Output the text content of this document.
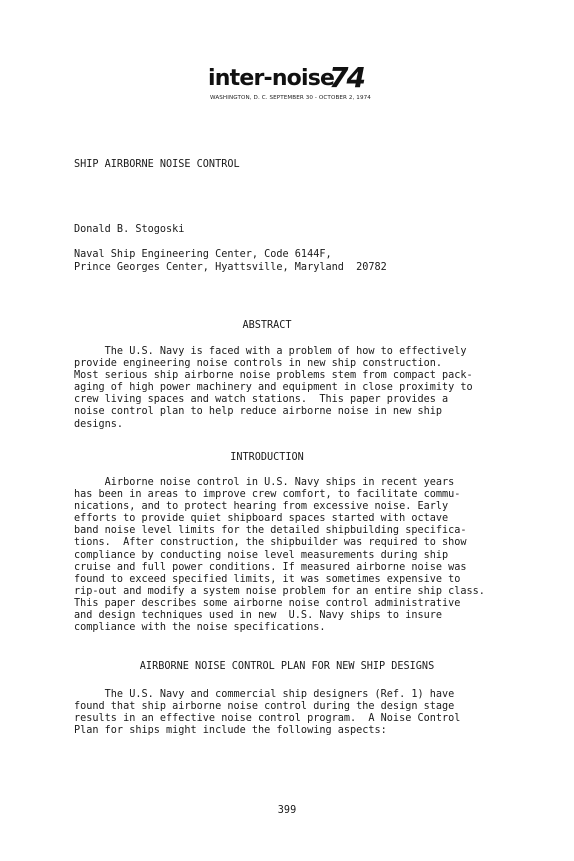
inter-noise
74
WASHINGTON, D. C. SEPTEMBER 30 - OCTOBER 2, 1974
SHIP AIRBORNE NOISE CONTROL
Donald B. Stogoski
Naval Ship Engineering Center, Code 6144F,
Prince Georges Center, Hyattsville, Maryland  20782
ABSTRACT
The U.S. Navy is faced with a problem of how to effectively
provide engineering noise controls in new ship construction.
Most serious ship airborne noise problems stem from compact pack-
aging of high power machinery and equipment in close proximity to
crew living spaces and watch stations.  This paper provides a
noise control plan to help reduce airborne noise in new ship
designs.
INTRODUCTION
Airborne noise control in U.S. Navy ships in recent years
has been in areas to improve crew comfort, to facilitate commu-
nications, and to protect hearing from excessive noise. Early
efforts to provide quiet shipboard spaces started with octave
band noise level limits for the detailed shipbuilding specifica-
tions.  After construction, the shipbuilder was required to show
compliance by conducting noise level measurements during ship
cruise and full power conditions. If measured airborne noise was
found to exceed specified limits, it was sometimes expensive to
rip-out and modify a system noise problem for an entire ship class.
This paper describes some airborne noise control administrative
and design techniques used in new  U.S. Navy ships to insure
compliance with the noise specifications.
AIRBORNE NOISE CONTROL PLAN FOR NEW SHIP DESIGNS
The U.S. Navy and commercial ship designers (Ref. 1) have
found that ship airborne noise control during the design stage
results in an effective noise control program.  A Noise Control
Plan for ships might include the following aspects:
399
